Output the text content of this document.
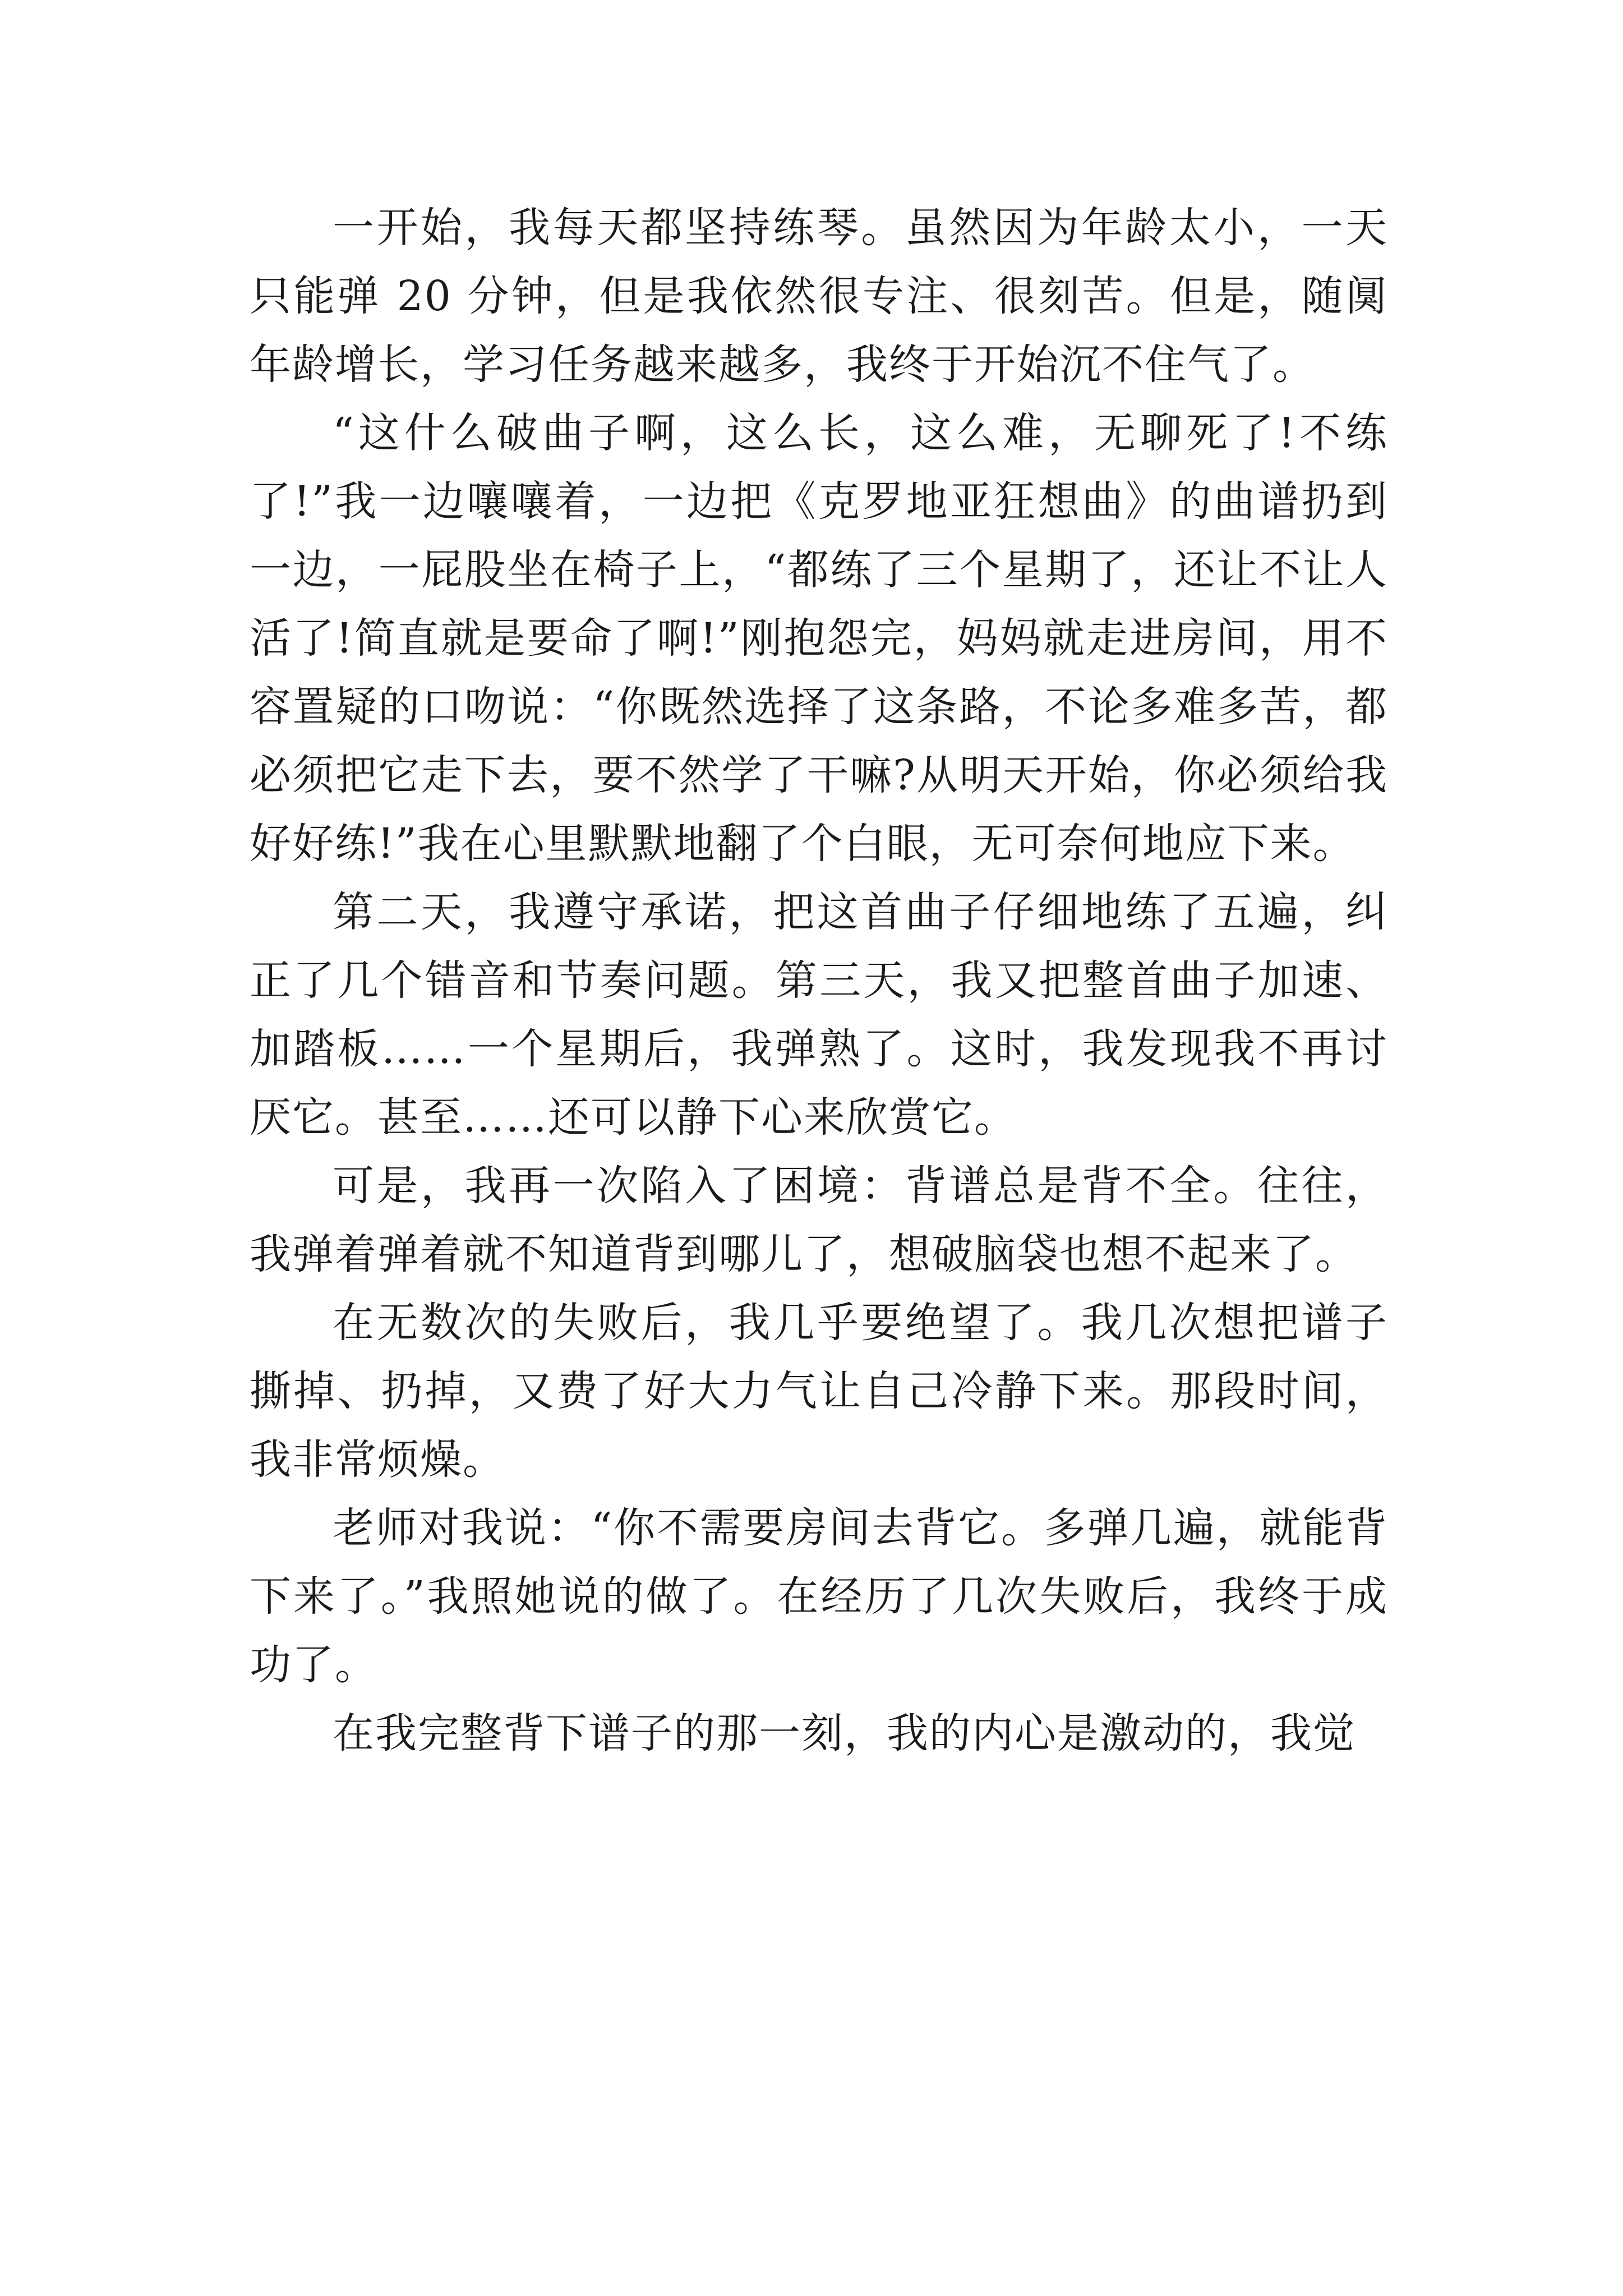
一开始，我每天都坚持练琴。虽然因为年龄太小，一天只能弹 20 分钟，但是我依然很专注、很刻苦。但是，随阒年龄增长，学习任务越来越多，我终于开始沉不住气了。

“这什么破曲子啊，这么长，这么难，无聊死了!不练了!”我一边嚷嚷着，一边把《克罗地亚狂想曲》的曲谱扔到一边，一屁股坐在椅子上，“都练了三个星期了，还让不让人活了!简直就是要命了啊!”刚抱怨完，妈妈就走进房间，用不容置疑的口吻说：“你既然选择了这条路，不论多难多苦，都必须把它走下去，要不然学了干嘛?从明天开始，你必须给我好好练!”我在心里默默地翻了个白眼，无可奈何地应下来。

第二天，我遵守承诺，把这首曲子仔细地练了五遍，纠正了几个错音和节奏问题。第三天，我又把整首曲子加速、加踏板……一个星期后，我弹熟了。这时，我发现我不再讨厌它。甚至……还可以静下心来欣赏它。

可是，我再一次陷入了困境：背谱总是背不全。往往，我弹着弹着就不知道背到哪儿了，想破脑袋也想不起来了。

在无数次的失败后，我几乎要绝望了。我几次想把谱子撕掉、扔掉，又费了好大力气让自己冷静下来。那段时间，我非常烦燥。

老师对我说：“你不需要房间去背它。多弹几遍，就能背下来了。”我照她说的做了。在经历了几次失败后，我终于成功了。

在我完整背下谱子的那一刻，我的内心是激动的，我觉
